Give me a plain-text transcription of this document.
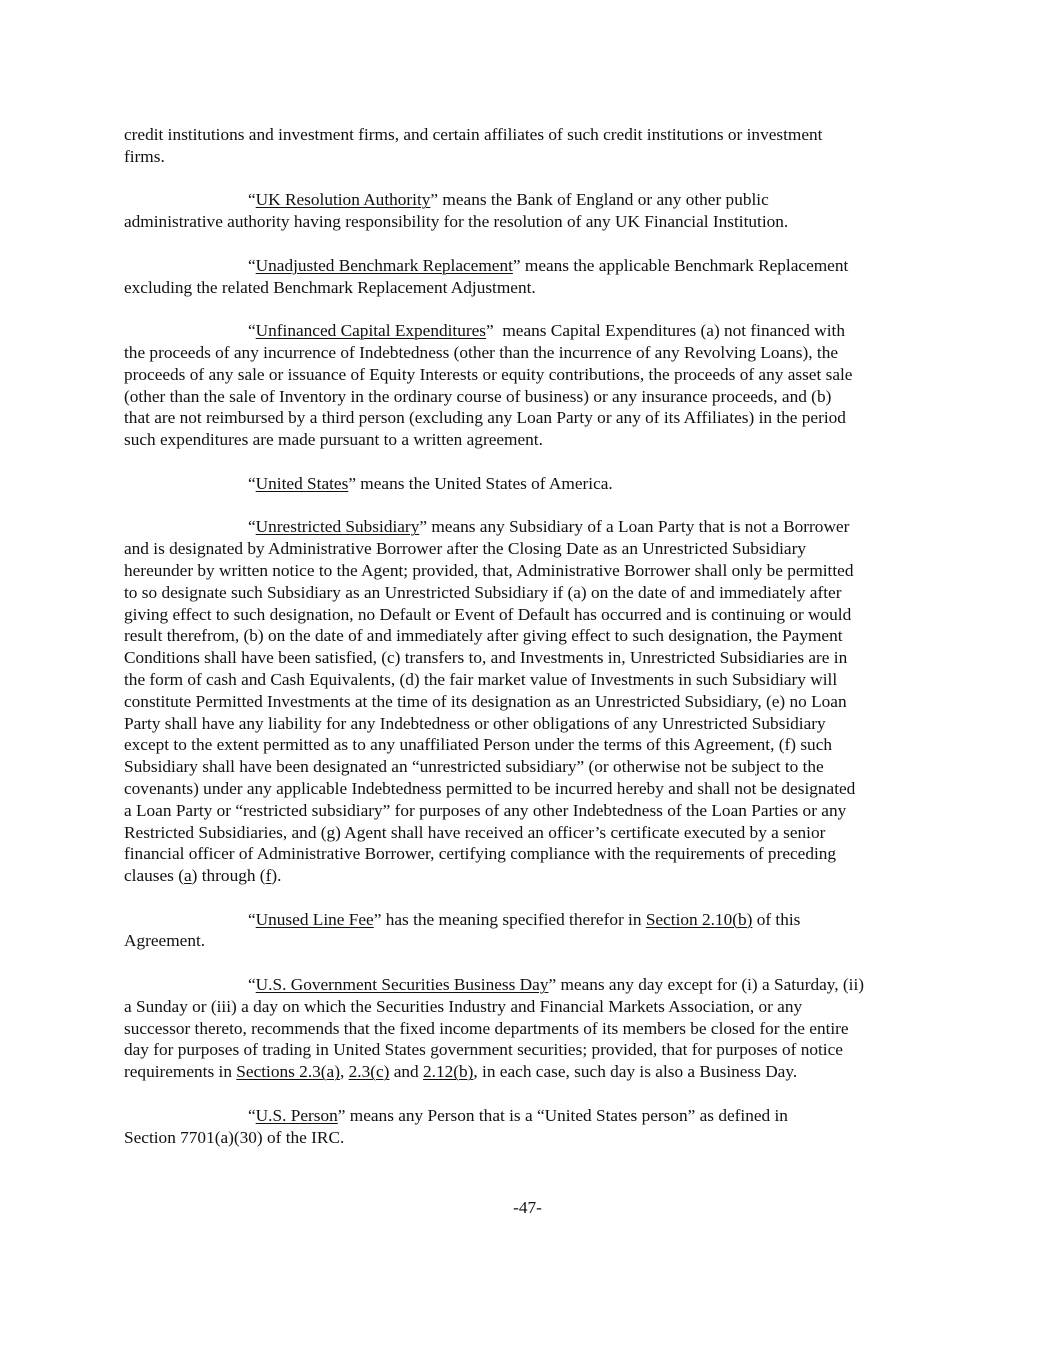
credit institutions and investment firms, and certain affiliates of such credit institutions or investment
firms.
“UK Resolution Authority” means the Bank of England or any other public
administrative authority having responsibility for the resolution of any UK Financial Institution.
“Unadjusted Benchmark Replacement” means the applicable Benchmark Replacement
excluding the related Benchmark Replacement Adjustment.
“Unfinanced Capital Expenditures”  means Capital Expenditures (a) not financed with
the proceeds of any incurrence of Indebtedness (other than the incurrence of any Revolving Loans), the
proceeds of any sale or issuance of Equity Interests or equity contributions, the proceeds of any asset sale
(other than the sale of Inventory in the ordinary course of business) or any insurance proceeds, and (b)
that are not reimbursed by a third person (excluding any Loan Party or any of its Affiliates) in the period
such expenditures are made pursuant to a written agreement.
“United States” means the United States of America.
“Unrestricted Subsidiary” means any Subsidiary of a Loan Party that is not a Borrower
and is designated by Administrative Borrower after the Closing Date as an Unrestricted Subsidiary
hereunder by written notice to the Agent; provided, that, Administrative Borrower shall only be permitted
to so designate such Subsidiary as an Unrestricted Subsidiary if (a) on the date of and immediately after
giving effect to such designation, no Default or Event of Default has occurred and is continuing or would
result therefrom, (b) on the date of and immediately after giving effect to such designation, the Payment
Conditions shall have been satisfied, (c) transfers to, and Investments in, Unrestricted Subsidiaries are in
the form of cash and Cash Equivalents, (d) the fair market value of Investments in such Subsidiary will
constitute Permitted Investments at the time of its designation as an Unrestricted Subsidiary, (e) no Loan
Party shall have any liability for any Indebtedness or other obligations of any Unrestricted Subsidiary
except to the extent permitted as to any unaffiliated Person under the terms of this Agreement, (f) such
Subsidiary shall have been designated an “unrestricted subsidiary” (or otherwise not be subject to the
covenants) under any applicable Indebtedness permitted to be incurred hereby and shall not be designated
a Loan Party or “restricted subsidiary” for purposes of any other Indebtedness of the Loan Parties or any
Restricted Subsidiaries, and (g) Agent shall have received an officer’s certificate executed by a senior
financial officer of Administrative Borrower, certifying compliance with the requirements of preceding
clauses (a) through (f).
“Unused Line Fee” has the meaning specified therefor in Section 2.10(b) of this
Agreement.
“U.S. Government Securities Business Day” means any day except for (i) a Saturday, (ii)
a Sunday or (iii) a day on which the Securities Industry and Financial Markets Association, or any
successor thereto, recommends that the fixed income departments of its members be closed for the entire
day for purposes of trading in United States government securities; provided, that for purposes of notice
requirements in Sections 2.3(a), 2.3(c) and 2.12(b), in each case, such day is also a Business Day.
“U.S. Person” means any Person that is a “United States person” as defined in
Section 7701(a)(30) of the IRC.
-47-
